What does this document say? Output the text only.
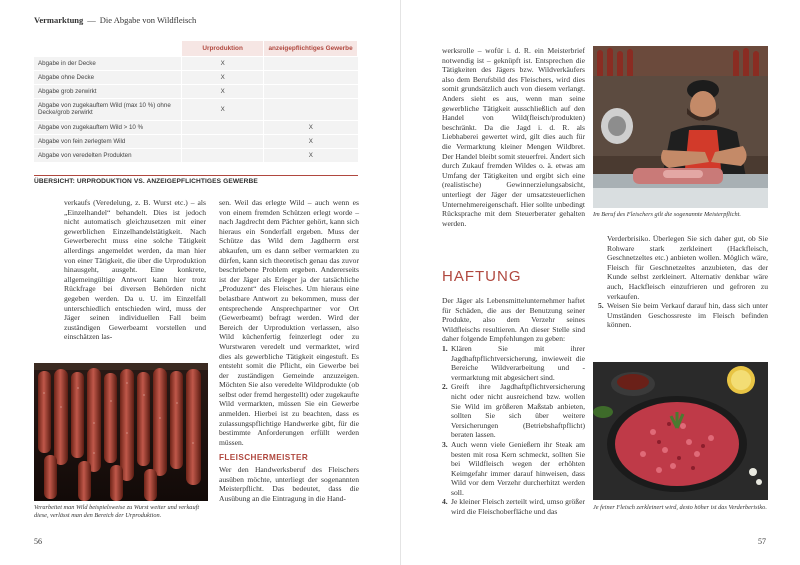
Vermarktung — Die Abgabe von Wildfleisch
	Urproduktion	anzeigepflichtiges Gewerbe
Abgabe in der Decke	X	
Abgabe ohne Decke	X	
Abgabe grob zerwirkt	X	
Abgabe von zugekauftem Wild (max 10 %) ohne Decke/grob zerwirkt	X	
Abgabe von zugekauftem Wild > 10 %		X
Abgabe von fein zerlegtem Wild		X
Abgabe von veredelten Produkten		X
ÜBERSICHT: URPRODUKTION VS. ANZEIGEPFLICHTIGES GEWERBE

verkaufs (Veredelung, z. B. Wurst etc.) – als „Einzelhandel“ behandelt. Dies ist jedoch nicht automatisch gleichzusetzen mit einer gewerblichen Einzelhandelstätigkeit. Nach Gewerberecht muss eine solche Tätigkeit allerdings angemeldet werden, da man hier von einer Tätigkeit, die über die Urproduktion hinausgeht, ausgeht. Eine konkrete, allgemeingültige Antwort kann hier trotz Rückfrage bei diversen Behörden nicht gegeben werden. Da u. U. im Einzelfall unterschiedlich entschieden wird, muss der Jäger seinen individuellen Fall beim zuständigen Gewerbeamt vorstellen und einschätzen las-

Verarbeitet man Wild beispielsweise zu Wurst weiter und verkauft diese, verlässt man den Bereich der Urproduktion.

sen. Weil das erlegte Wild – auch wenn es von einem fremden Schützen erlegt worde – nach Jagdrecht dem Pächter gehört, kann sich hieraus ein Sonderfall ergeben. Muss der Schütze das Wild dem Jagdherrn erst abkaufen, um es dann selber vermarkten zu dürfen, kann sich theoretisch genau das zuvor beschriebene Problem ergeben. Andererseits ist der Jäger als Erleger ja der tatsächliche „Produzent“ des Fleisches. Um hieraus eine belastbare Antwort zu bekommen, muss der entsprechende Ansprechpartner vor Ort (Gewerbeamt) befragt werden. Wird der Bereich der Urproduktion verlassen, also Wild küchenfertig feinzerlegt oder zu Wurstwaren veredelt und vermarktet, wird dies als gewerbliche Tätigkeit eingestuft. Es entsteht somit die Pflicht, ein Gewerbe bei der zuständigen Gemeinde anzuzeigen. Möchten Sie also veredelte Wildprodukte (ob selbst oder fremd hergestellt) oder zugekaufte Wild vermarkten, müssen Sie ein Gewerbe anmelden. Hierbei ist zu beachten, dass es zulassungspflichtige Handwerke gibt, für die bestimmte Anforderungen erfüllt werden müssen.

FLEISCHERMEISTER

Wer den Handwerksberuf des Fleischers ausüben möchte, unterliegt der sogenannten Meisterpflicht. Das bedeutet, dass die Ausübung an die Eintragung in die Hand-

56

werksrolle – wofür i. d. R. ein Meisterbrief notwendig ist – geknüpft ist. Entsprechen die Tätigkeiten des Jägers bzw. Wildverkäufers also dem Berufsbild des Fleischers, wird dies somit grundsätzlich auch von diesem verlangt. Anders sieht es aus, wenn man seine gewerbliche Tätigkeit ausschließlich auf den Handel von Wild(fleisch/produkten) beschränkt. Da die Jagd i. d. R. als Liebhaberei gewertet wird, gilt dies auch für die Vermarktung kleiner Mengen Wildbret. Der Handel bleibt somit steuerfrei. Ändert sich durch Zukauf fremden Wildes o. ä. etwas am Umfang der Tätigkeiten und ergibt sich eine (realistische) Gewinnerzielungsabsicht, unterliegt der Jäger der umsatzsteuerlichen Unternehmereigenschaft. Hier sollte unbedingt Rücksprache mit dem Steuerberater gehalten werden.

HAFTUNG

Der Jäger als Lebensmittelunternehmer haftet für Schäden, die aus der Benutzung seiner Produkte, also dem Verzehr seines Wildfleischs resultieren. An dieser Stelle sind daher folgende Empfehlungen zu geben:

1. Klären Sie mit ihrer Jagdhaftpflichtversicherung, inwieweit die Bereiche Wildverarbeitung und -vermarktung mit abgesichert sind.
2. Greift ihre Jagdhaftpflichtversicherung nicht oder nicht ausreichend bzw. wollen Sie Wild im größeren Maßstab anbieten, sollten Sie sich über weitere Versicherungen (Betriebshaftpflicht) beraten lassen.
3. Auch wenn viele Genießern ihr Steak am besten mit rosa Kern schmeckt, sollten Sie bei Wildfleisch wegen der erhöhten Keimgefahr immer darauf hinweisen, dass Wild vor dem Verzehr durcherhitzt werden soll.
4. Je kleiner Fleisch zerteilt wird, umso größer wird die Fleischoberfläche und das
Im Beruf des Fleischers gilt die sogenannte Meisterpflicht.

Verderbrisiko. Überlegen Sie sich daher gut, ob Sie Rohware stark zerkleinert (Hackfleisch, Geschnetzeltes etc.) anbieten wollen. Möglich wäre, Fleisch für Geschnetzeltes anzubieten, das der Kunde selbst zerkleinert. Alternativ denkbar wäre auch, Hackfleisch einzufrieren und gefroren zu verkaufen.

5. Weisen Sie beim Verkauf darauf hin, dass sich unter Umständen Geschossreste im Fleisch befinden können.
Je feiner Fleisch zerkleinert wird, desto höher ist das Verderberisiko.
57
